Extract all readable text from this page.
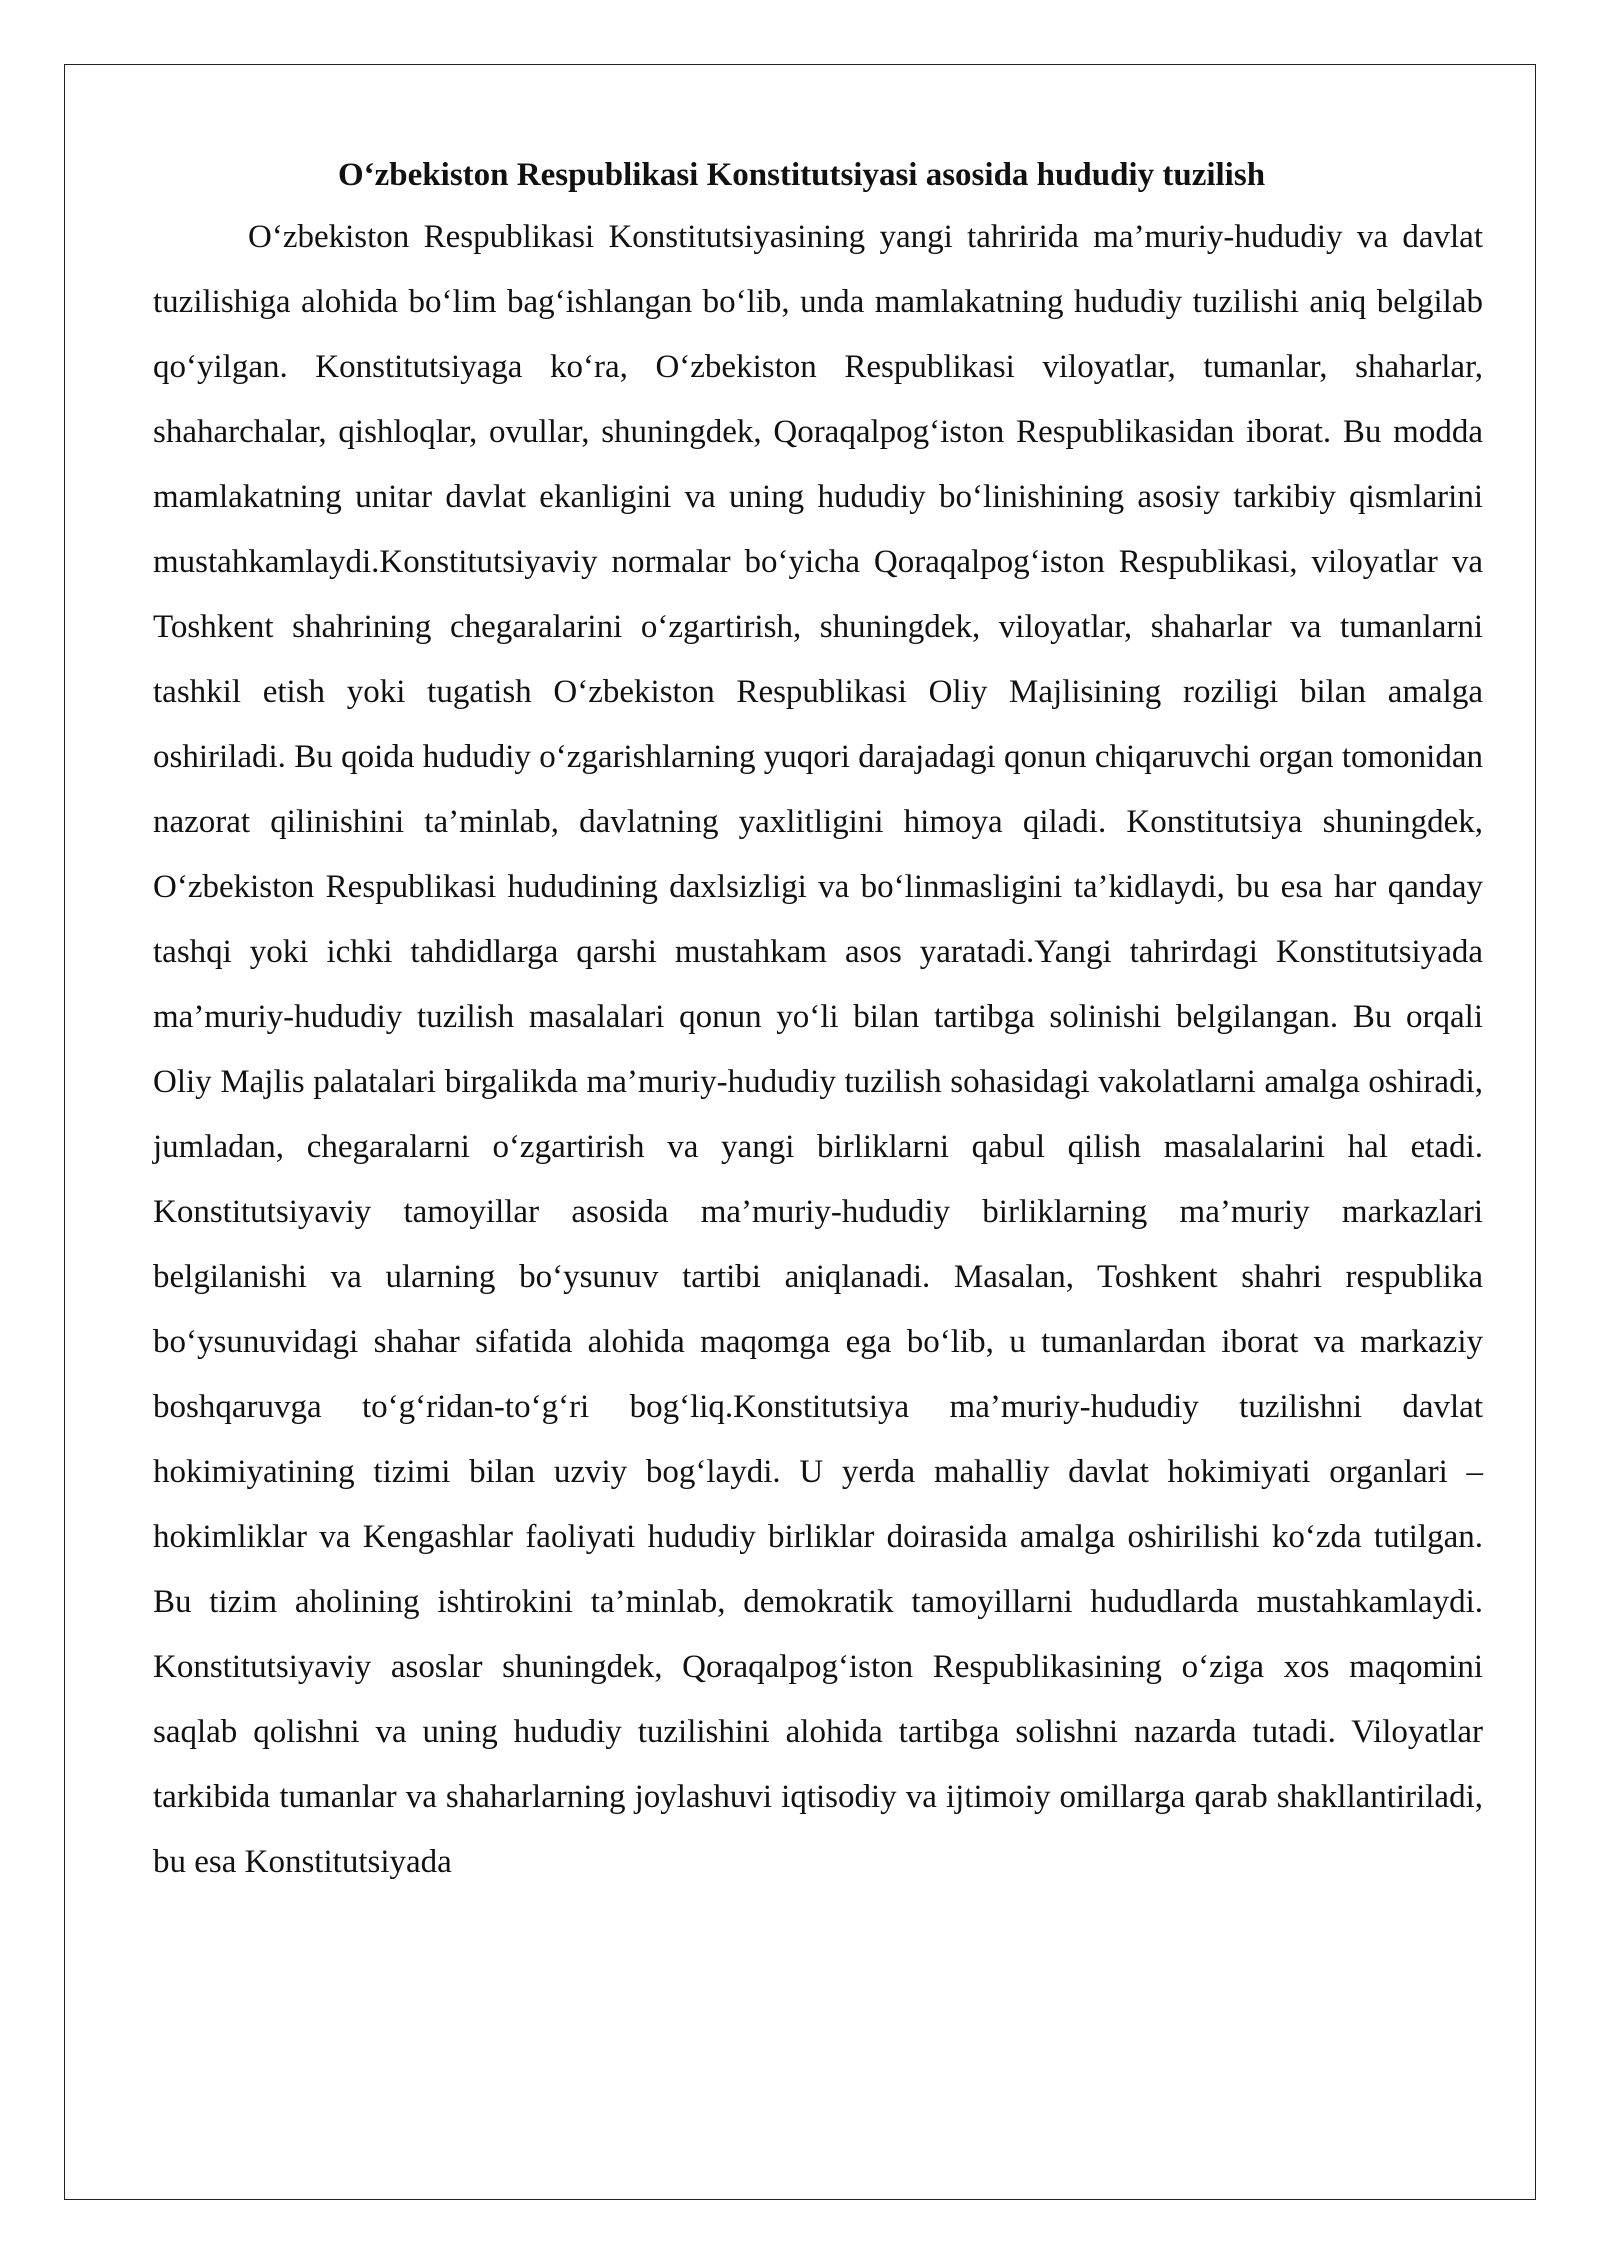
O‘zbekiston Respublikasi Konstitutsiyasi asosida hududiy tuzilish

O‘zbekiston Respublikasi Konstitutsiyasining yangi tahririda ma’muriy-hududiy va davlat tuzilishiga alohida bo‘lim bag‘ishlangan bo‘lib, unda mamlakatning hududiy tuzilishi aniq belgilab qo‘yilgan. Konstitutsiyaga ko‘ra, O‘zbekiston Respublikasi viloyatlar, tumanlar, shaharlar, shaharchalar, qishloqlar, ovullar, shuningdek, Qoraqalpog‘iston Respublikasidan iborat. Bu modda mamlakatning unitar davlat ekanligini va uning hududiy bo‘linishining asosiy tarkibiy qismlarini mustahkamlaydi.Konstitutsiyaviy normalar bo‘yicha Qoraqalpog‘iston Respublikasi, viloyatlar va Toshkent shahrining chegaralarini o‘zgartirish, shuningdek, viloyatlar, shaharlar va tumanlarni tashkil etish yoki tugatish O‘zbekiston Respublikasi Oliy Majlisining roziligi bilan amalga oshiriladi. Bu qoida hududiy o‘zgarishlarning yuqori darajadagi qonun chiqaruvchi organ tomonidan nazorat qilinishini ta’minlab, davlatning yaxlitligini himoya qiladi. Konstitutsiya shuningdek, O‘zbekiston Respublikasi hududining daxlsizligi va bo‘linmasligini ta’kidlaydi, bu esa har qanday tashqi yoki ichki tahdidlarga qarshi mustahkam asos yaratadi.Yangi tahrirdagi Konstitutsiyada ma’muriy-hududiy tuzilish masalalari qonun yo‘li bilan tartibga solinishi belgilangan. Bu orqali Oliy Majlis palatalari birgalikda ma’muriy-hududiy tuzilish sohasidagi vakolatlarni amalga oshiradi, jumladan, chegaralarni o‘zgartirish va yangi birliklarni qabul qilish masalalarini hal etadi. Konstitutsiyaviy tamoyillar asosida ma’muriy-hududiy birliklarning ma’muriy markazlari belgilanishi va ularning bo‘ysunuv tartibi aniqlanadi. Masalan, Toshkent shahri respublika bo‘ysunuvidagi shahar sifatida alohida maqomga ega bo‘lib, u tumanlardan iborat va markaziy boshqaruvga to‘g‘ridan-to‘g‘ri bog‘liq.Konstitutsiya ma’muriy-hududiy tuzilishni davlat hokimiyatining tizimi bilan uzviy bog‘laydi. U yerda mahalliy davlat hokimiyati organlari – hokimliklar va Kengashlar faoliyati hududiy birliklar doirasida amalga oshirilishi ko‘zda tutilgan. Bu tizim aholining ishtirokini ta’minlab, demokratik tamoyillarni hududlarda mustahkamlaydi. Konstitutsiyaviy asoslar shuningdek, Qoraqalpog‘iston Respublikasining o‘ziga xos maqomini saqlab qolishni va uning hududiy tuzilishini alohida tartibga solishni nazarda tutadi. Viloyatlar tarkibida tumanlar va shaharlarning joylashuvi iqtisodiy va ijtimoiy omillarga qarab shakllantiriladi, bu esa Konstitutsiyada
